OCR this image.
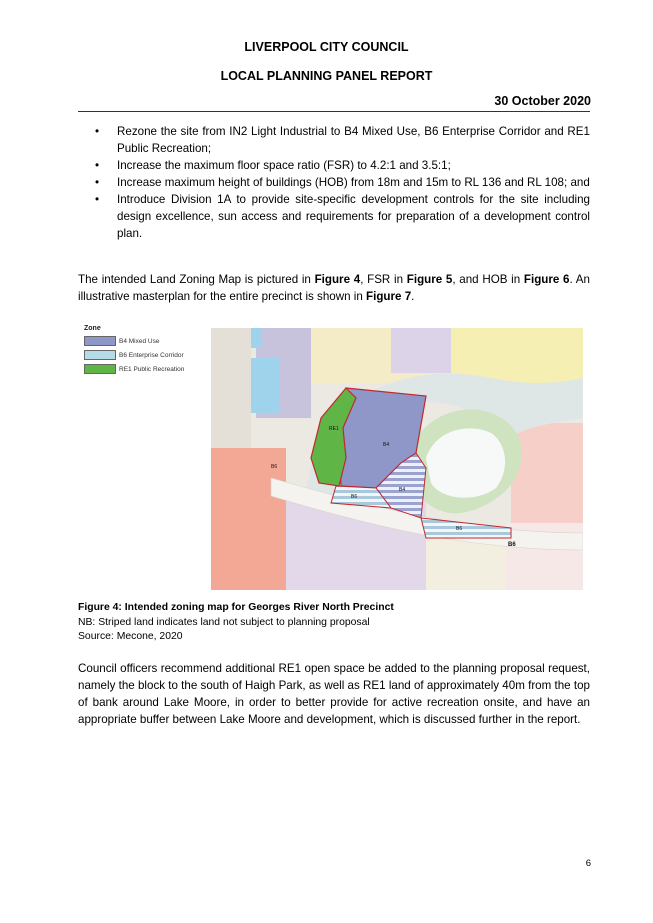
LIVERPOOL CITY COUNCIL
LOCAL PLANNING PANEL REPORT
30 October 2020
• Rezone the site from IN2 Light Industrial to B4 Mixed Use, B6 Enterprise Corridor and RE1 Public Recreation;
• Increase the maximum floor space ratio (FSR) to 4.2:1 and 3.5:1;
• Increase maximum height of buildings (HOB) from 18m and 15m to RL 136 and RL 108; and
• Introduce Division 1A to provide site-specific development controls for the site including design excellence, sun access and requirements for preparation of a development control plan.
The intended Land Zoning Map is pictured in Figure 4, FSR in Figure 5, and HOB in Figure 6. An illustrative masterplan for the entire precinct is shown in Figure 7.
Zone
B4 Mixed Use
B6 Enterprise Corridor
RE1 Public Recreation
RE1
B4
B4
B6
B6
B6
B6
Figure 4: Intended zoning map for Georges River North Precinct
NB: Striped land indicates land not subject to planning proposal
Source: Mecone, 2020
Council officers recommend additional RE1 open space be added to the planning proposal request, namely the block to the south of Haigh Park, as well as RE1 land of approximately 40m from the top of bank around Lake Moore, in order to better provide for active recreation onsite, and have an appropriate buffer between Lake Moore and development, which is discussed further in the report.
6
